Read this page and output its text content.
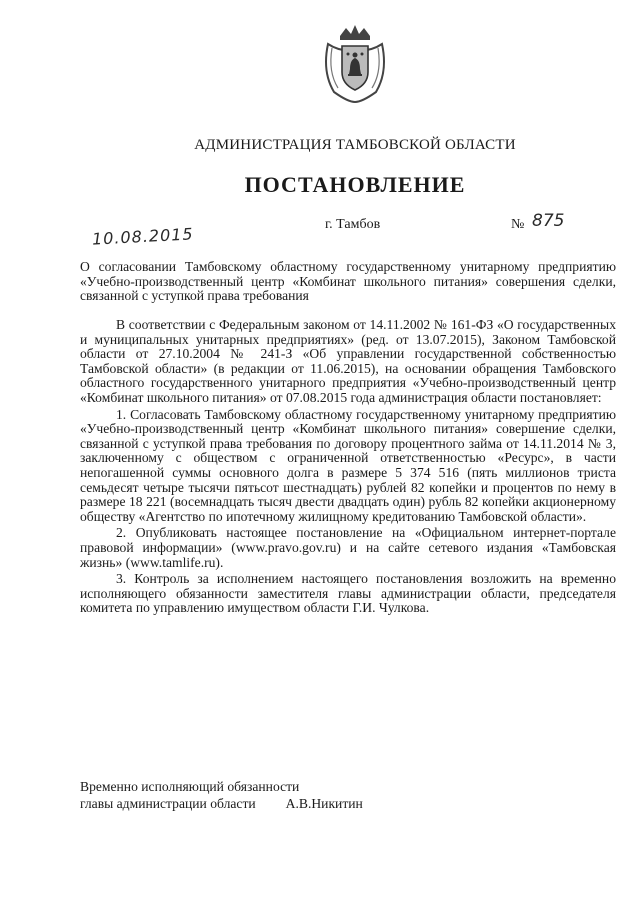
АДМИНИСТРАЦИЯ ТАМБОВСКОЙ ОБЛАСТИ
ПОСТАНОВЛЕНИЕ
г. Тамбов	№ 875
10.08.2015
О согласовании Тамбовскому областному государственному унитарному предприятию «Учебно-производственный центр «Комбинат школьного питания» совершения сделки, связанной с уступкой права требования

В соответствии с Федеральным законом от 14.11.2002 № 161-ФЗ «О государственных и муниципальных унитарных предприятиях» (ред. от 13.07.2015), Законом Тамбовской области от 27.10.2004 № 241-З «Об управлении государственной собственностью Тамбовской области» (в редакции от 11.06.2015), на основании обращения Тамбовского областного государственного унитарного предприятия «Учебно-производственный центр «Комбинат школьного питания» от 07.08.2015 года администрация области постановляет:

1. Согласовать Тамбовскому областному государственному унитарному предприятию «Учебно-производственный центр «Комбинат школьного питания» совершение сделки, связанной с уступкой права требования по договору процентного займа от 14.11.2014 № 3, заключенному с обществом с ограниченной ответственностью «Ресурс», в части непогашенной суммы основного долга в размере 5 374 516 (пять миллионов триста семьдесят четыре тысячи пятьсот шестнадцать) рублей 82 копейки и процентов по нему в размере 18 221 (восемнадцать тысяч двести двадцать один) рубль 82 копейки акционерному обществу «Агентство по ипотечному жилищному кредитованию Тамбовской области».

2. Опубликовать настоящее постановление на «Официальном интернет-портале правовой информации» (www.pravo.gov.ru) и на сайте сетевого издания «Тамбовская жизнь» (www.tamlife.ru).

3. Контроль за исполнением настоящего постановления возложить на временно исполняющего обязанности заместителя главы администрации области, председателя комитета по управлению имуществом области Г.И. Чулкова.

Временно исполняющий обязанности
главы администрации области А.В.Никитин
